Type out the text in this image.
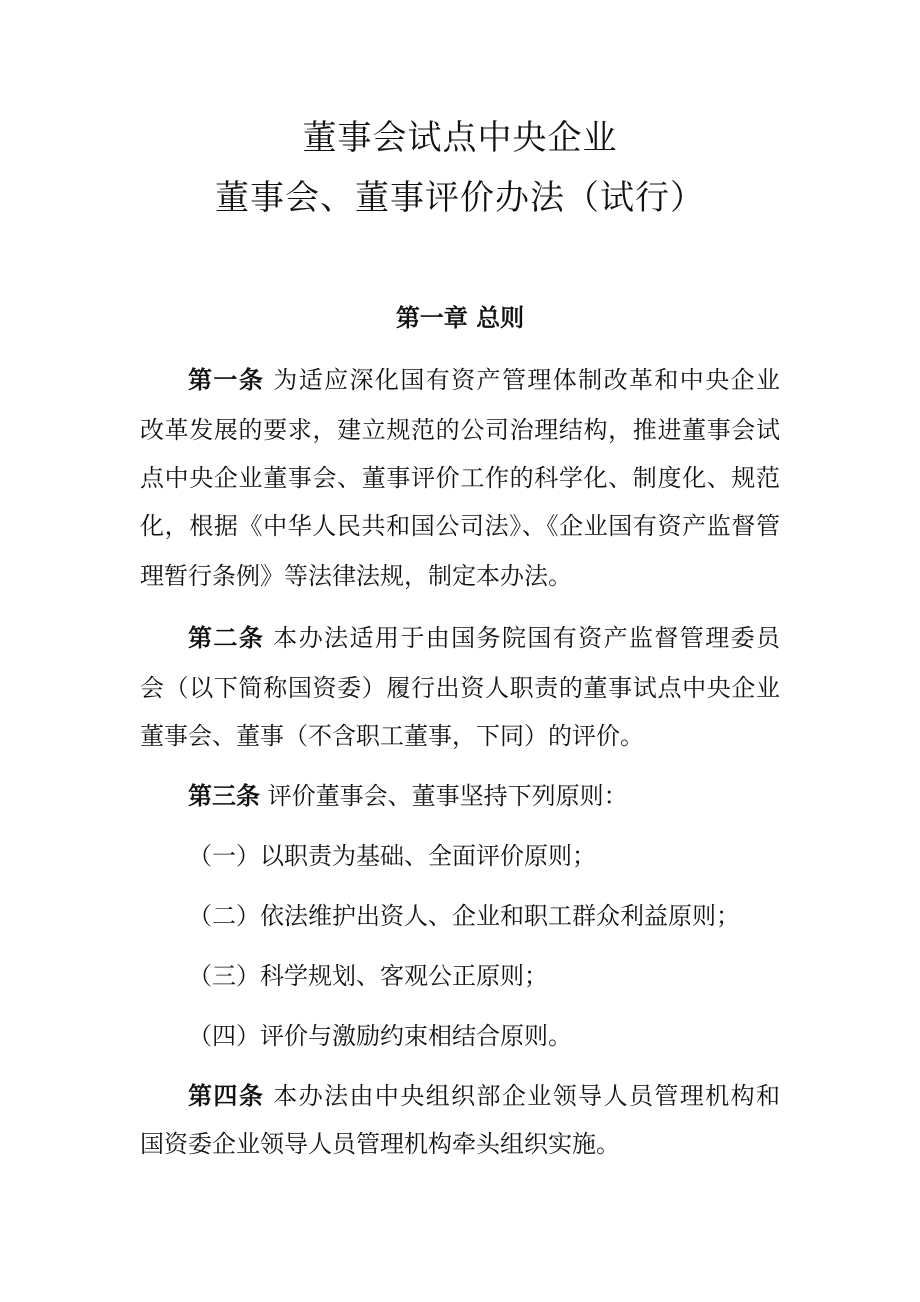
董事会试点中央企业
董事会、董事评价办法（试行）
第一章 总则
第一条 为适应深化国有资产管理体制改革和中央企业
改革发展的要求，建立规范的公司治理结构，推进董事会试
点中央企业董事会、董事评价工作的科学化、制度化、规范
化，根据《中华人民共和国公司法》、《企业国有资产监督管
理暂行条例》等法律法规，制定本办法。
第二条 本办法适用于由国务院国有资产监督管理委员
会（以下简称国资委）履行出资人职责的董事试点中央企业
董事会、董事（不含职工董事，下同）的评价。
第三条 评价董事会、董事坚持下列原则：
（一）以职责为基础、全面评价原则；
（二）依法维护出资人、企业和职工群众利益原则；
（三）科学规划、客观公正原则；
（四）评价与激励约束相结合原则。
第四条 本办法由中央组织部企业领导人员管理机构和
国资委企业领导人员管理机构牵头组织实施。
